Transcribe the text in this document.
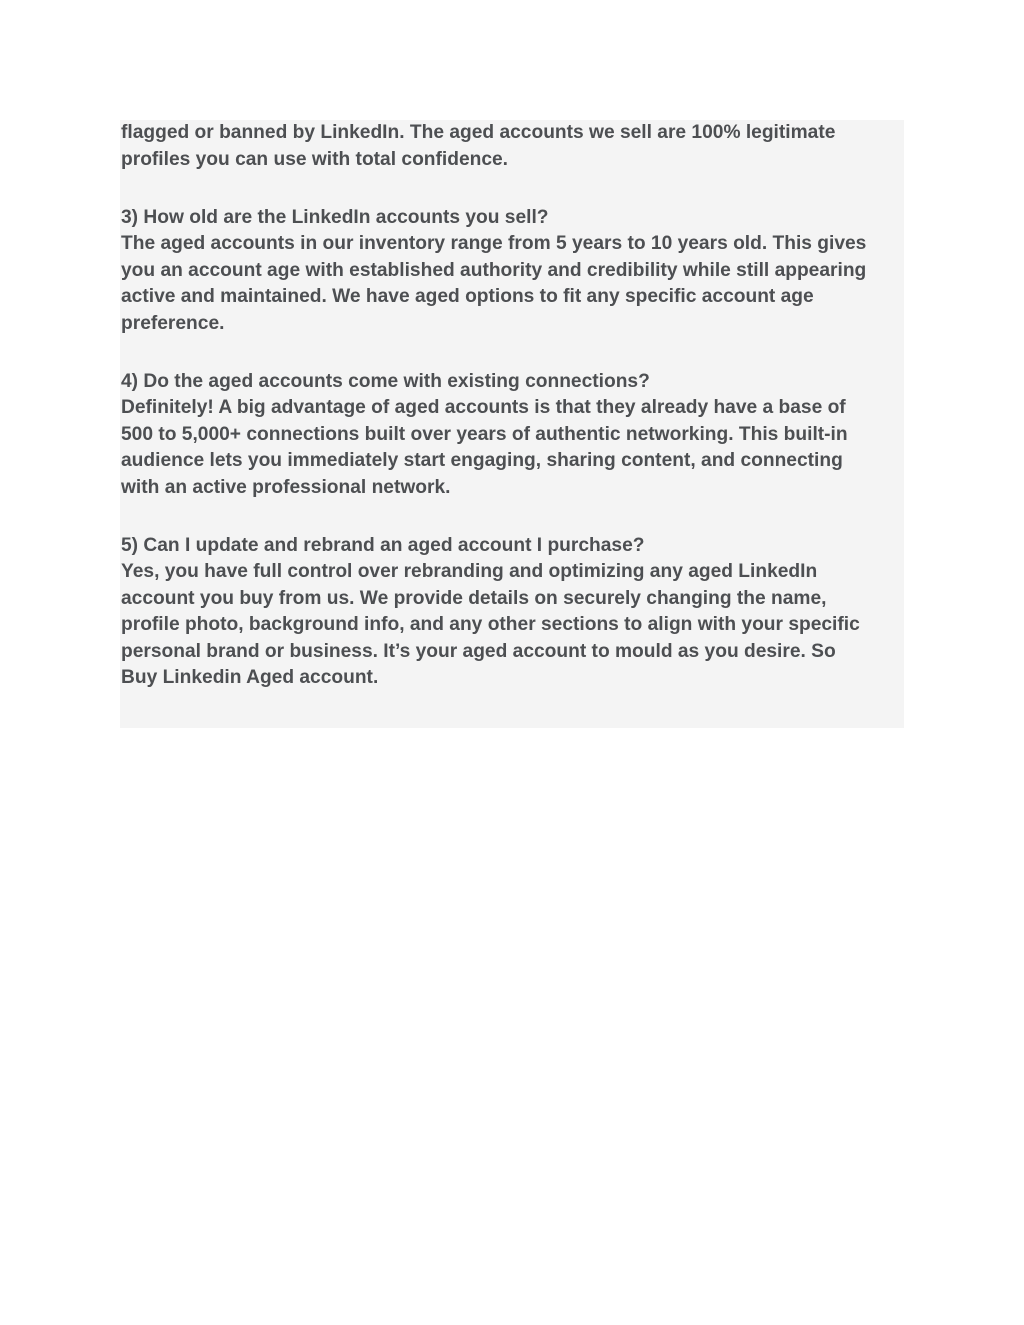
flagged or banned by LinkedIn. The aged accounts we sell are 100% legitimate
profiles you can use with total confidence.

3) How old are the LinkedIn accounts you sell?
The aged accounts in our inventory range from 5 years to 10 years old. This gives
you an account age with established authority and credibility while still appearing
active and maintained. We have aged options to fit any specific account age
preference.

4) Do the aged accounts come with existing connections?
Definitely! A big advantage of aged accounts is that they already have a base of
500 to 5,000+ connections built over years of authentic networking. This built-in
audience lets you immediately start engaging, sharing content, and connecting
with an active professional network.

5) Can I update and rebrand an aged account I purchase?
Yes, you have full control over rebranding and optimizing any aged LinkedIn
account you buy from us. We provide details on securely changing the name,
profile photo, background info, and any other sections to align with your specific
personal brand or business. It’s your aged account to mould as you desire. So
Buy Linkedin Aged account.
